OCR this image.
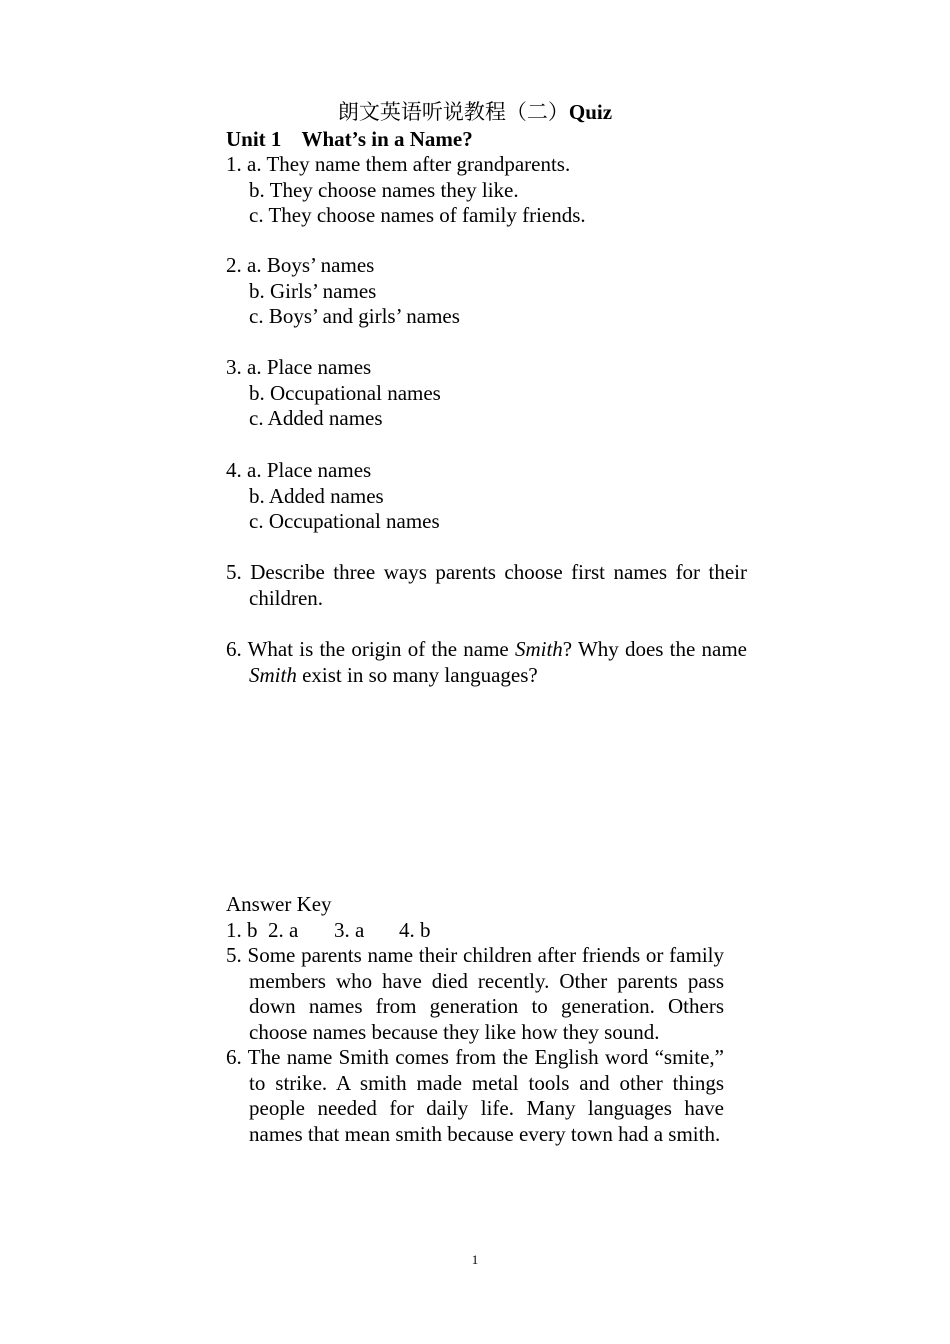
朗文英语听说教程（二）Quiz
Unit 1 What’s in a Name?
1. a. They name them after grandparents.
b. They choose names they like.
c. They choose names of family friends.
2. a. Boys’ names
b. Girls’ names
c. Boys’ and girls’ names
3. a. Place names
b. Occupational names
c. Added names
4. a. Place names
b. Added names
c. Occupational names
5. Describe three ways parents choose first names for their children.
6. What is the origin of the name Smith? Why does the name Smith exist in so many languages?
Answer Key
1. b 2. a 3. a 4. b
5. Some parents name their children after friends or family members who have died recently. Other parents pass down names from generation to generation. Others choose names because they like how they sound.
6. The name Smith comes from the English word “smite,” to strike. A smith made metal tools and other things people needed for daily life. Many languages have names that mean smith because every town had a smith.
1
